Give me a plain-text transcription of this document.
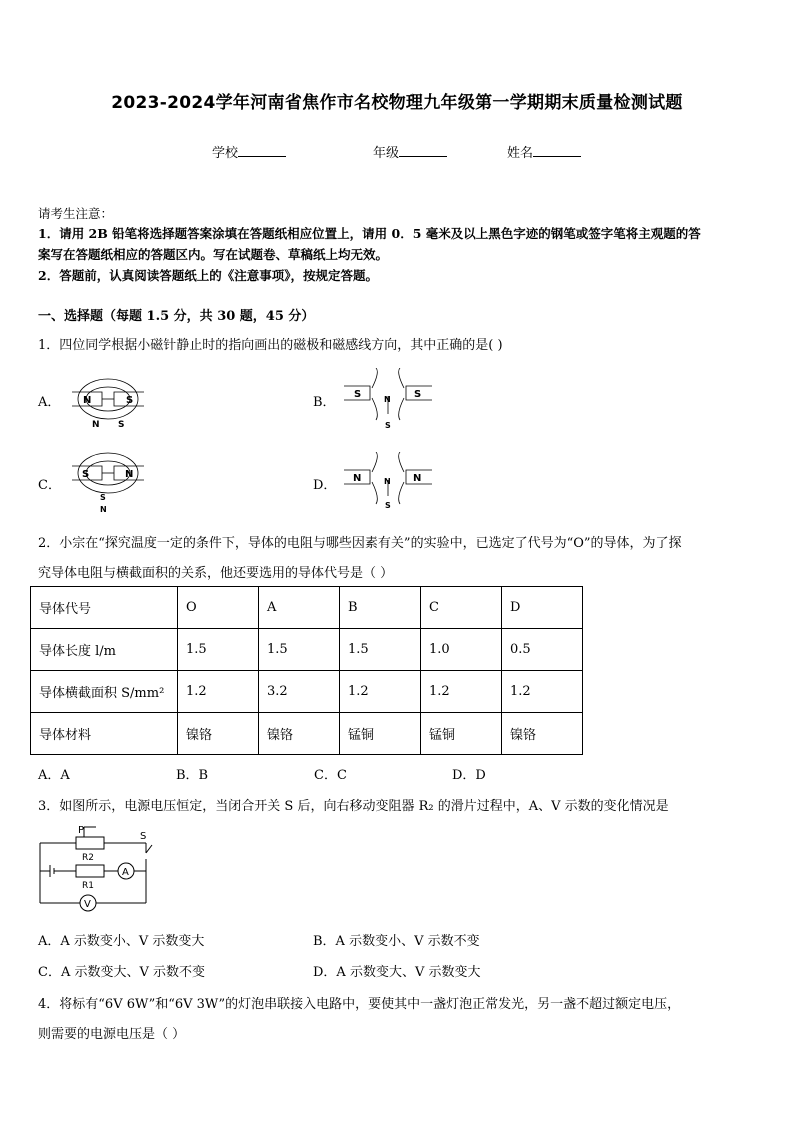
2023-2024学年河南省焦作市名校物理九年级第一学期期末质量检测试题
学校	年级	姓名
请考生注意：
1．请用 2B 铅笔将选择题答案涂填在答题纸相应位置上，请用 0．5 毫米及以上黑色字迹的钢笔或签字笔将主观题的答
案写在答题纸相应的答题区内。写在试题卷、草稿纸上均无效。
2．答题前，认真阅读答题纸上的《注意事项》，按规定答题。
一、选择题（每题 1.5 分，共 30 题，45 分）
1．四位同学根据小磁针静止时的指向画出的磁极和磁感线方向，其中正确的是( )
A． N	S
N S
B．
S	S
N
S
C．
S	N
S
N
D． N	N
N
S
2．小宗在“探究温度一定的条件下，导体的电阻与哪些因素有关”的实验中，已选定了代号为“O”的导体，为了探
究导体电阻与横截面积的关系，他还要选用的导体代号是（ ）
导体代号	O	A	B	C	D
导体长度 l/m	1.5	1.5	1.5	1.0	0.5
导体横截面积 S/mm²	1.2	3.2	1.2	1.2	1.2
导体材料	镍铬	镍铬	锰铜	锰铜	镍铬
A．A	B．B	C．C	D．D
3．如图所示，电源电压恒定，当闭合开关 S 后，向右移动变阻器 R₂ 的滑片过程中，A、V 示数的变化情况是
P
R2
S
R1
A
V
A．A 示数变小、V 示数变大	B．A 示数变小、V 示数不变
C．A 示数变大、V 示数不变	D．A 示数变大、V 示数变大
4．将标有“6V 6W”和“6V 3W”的灯泡串联接入电路中，要使其中一盏灯泡正常发光，另一盏不超过额定电压，
则需要的电源电压是（ ）
